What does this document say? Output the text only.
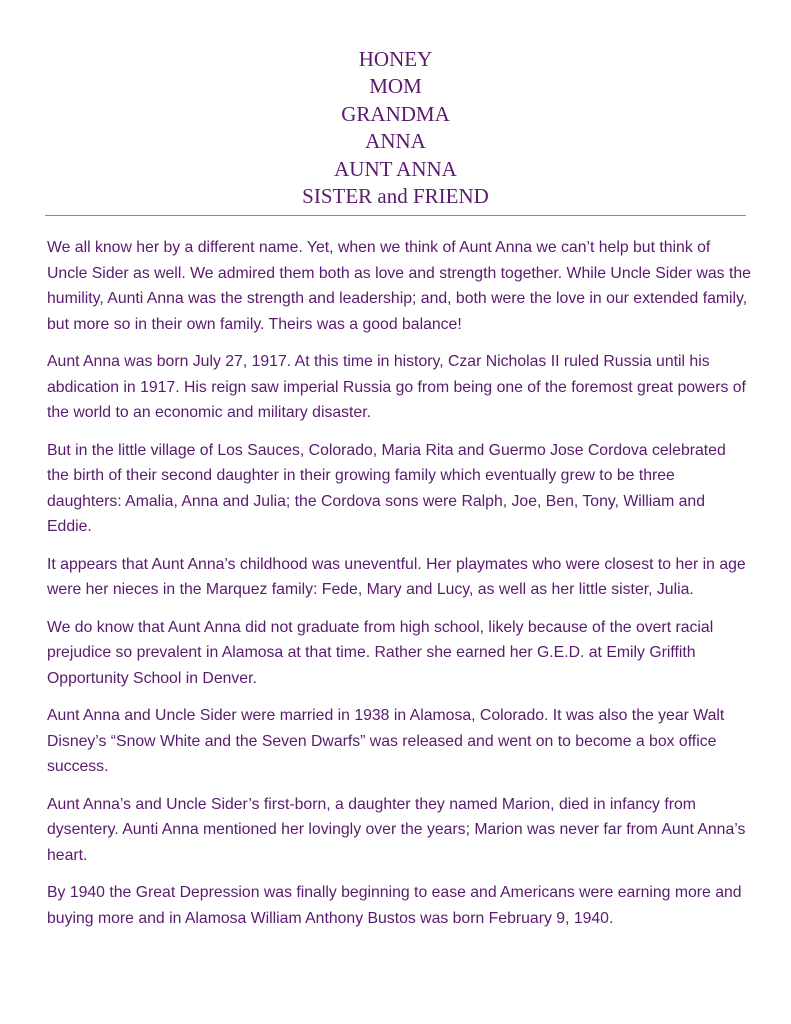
HONEY
MOM
GRANDMA
ANNA
AUNT ANNA
SISTER and FRIEND

We all know her by a different name. Yet, when we think of Aunt Anna we can’t help but think of Uncle Sider as well. We admired them both as love and strength together. While Uncle Sider was the humility, Aunti Anna was the strength and leadership; and, both were the love in our extended family, but more so in their own family. Theirs was a good balance!

Aunt Anna was born July 27, 1917. At this time in history, Czar Nicholas II ruled Russia until his abdication in 1917. His reign saw imperial Russia go from being one of the foremost great powers of the world to an economic and military disaster.

But in the little village of Los Sauces, Colorado, Maria Rita and Guermo Jose Cordova celebrated the birth of their second daughter in their growing family which eventually grew to be three daughters: Amalia, Anna and Julia; the Cordova sons were Ralph, Joe, Ben, Tony, William and Eddie.

It appears that Aunt Anna’s childhood was uneventful. Her playmates who were closest to her in age were her nieces in the Marquez family: Fede, Mary and Lucy, as well as her little sister, Julia.

We do know that Aunt Anna did not graduate from high school, likely because of the overt racial prejudice so prevalent in Alamosa at that time. Rather she earned her G.E.D. at Emily Griffith Opportunity School in Denver.

Aunt Anna and Uncle Sider were married in 1938 in Alamosa, Colorado. It was also the year Walt Disney’s “Snow White and the Seven Dwarfs” was released and went on to become a box office success.

Aunt Anna’s and Uncle Sider’s first-born, a daughter they named Marion, died in infancy from dysentery. Aunti Anna mentioned her lovingly over the years; Marion was never far from Aunt Anna’s heart.

By 1940 the Great Depression was finally beginning to ease and Americans were earning more and buying more and in Alamosa William Anthony Bustos was born February 9, 1940.
